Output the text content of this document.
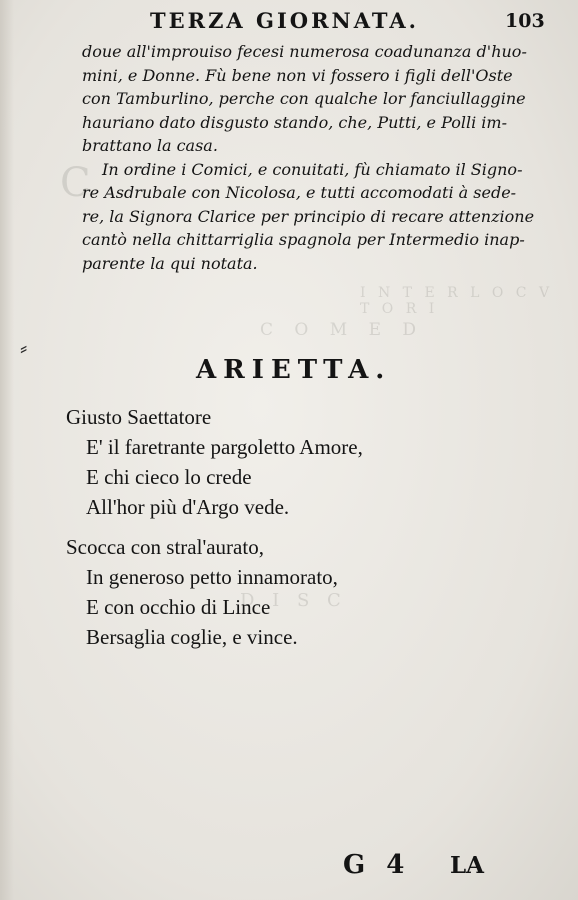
C
I N T E R L O C V T O R I
C O M E D
D I S C
TERZA GIORNATA.	103
doue all'improuiso fecesi numerosa coadunanza d'huo-
mini, e Donne. Fù bene non vi fossero i figli dell'Oste
con Tamburlino, perche con qualche lor fanciullaggine
hauriano dato disgusto stando, che, Putti, e Polli im-
brattano la casa.
In ordine i Comici, e conuitati, fù chiamato il Signo-
re Asdrubale con Nicolosa, e tutti accomodati à sede-
re, la Signora Clarice per principio di recare attenzione
cantò nella chittarriglia spagnola per Intermedio inap-
parente la qui notata.
⸗
ARIETTA.
Giusto Saettatore
E' il faretrante pargoletto Amore,
E chi cieco lo crede
All'hor più d'Argo vede.
Scocca con stral'aurato,
In generoso petto innamorato,
E con occhio di Lince
Bersaglia coglie, e vince.
G 4 LA
